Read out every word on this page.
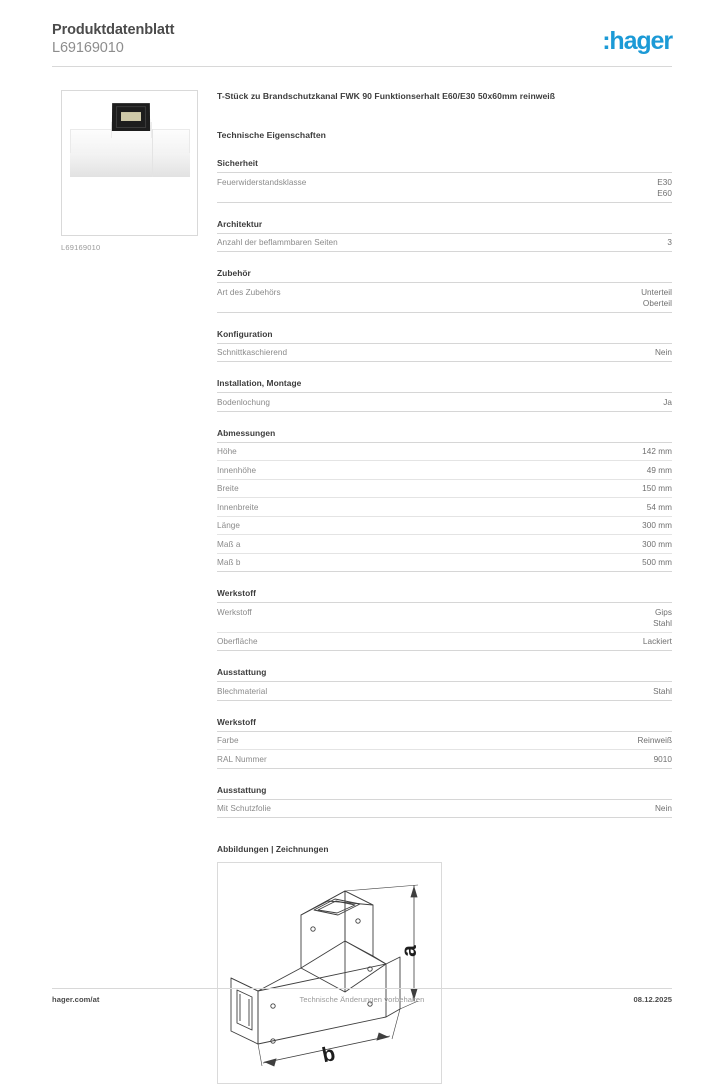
Produktdatenblatt
L69169010	:hager
L69169010
T-Stück zu Brandschutzkanal FWK 90 Funktionserhalt E60/E30 50x60mm reinweiß
Technische Eigenschaften
Sicherheit
Feuerwiderstandsklasse	E30
E60
Architektur
Anzahl der beflammbaren Seiten	3
Zubehör
Art des Zubehörs	Unterteil
Oberteil
Konfiguration
Schnittkaschierend	Nein
Installation, Montage
Bodenlochung	Ja
Abmessungen
Höhe	142 mm
Innenhöhe	49 mm
Breite	150 mm
Innenbreite	54 mm
Länge	300 mm
Maß a	300 mm
Maß b	500 mm
Werkstoff
Werkstoff	Gips
Stahl
Oberfläche	Lackiert
Ausstattung
Blechmaterial	Stahl
Werkstoff
Farbe	Reinweiß
RAL Nummer	9010
Ausstattung
Mit Schutzfolie	Nein
Abbildungen | Zeichnungen
a
b
hager.com/at	Technische Änderungen vorbehalten	08.12.2025
